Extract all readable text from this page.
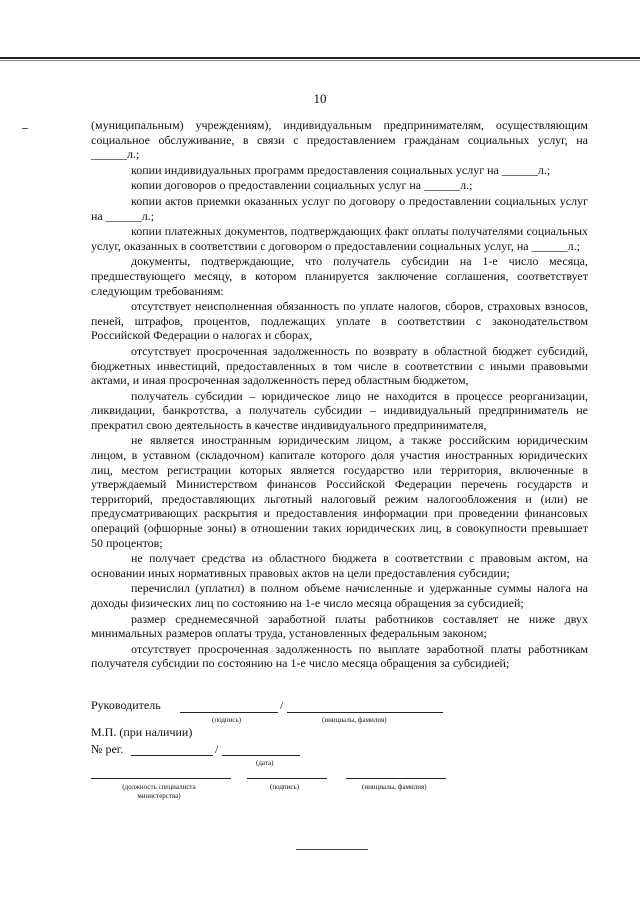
10

(муниципальным) учреждениям), индивидуальным предпринимателям, осуществляющим социальное обслуживание, в связи с предоставлением гражданам социальных услуг, на ______л.;

копии индивидуальных программ предоставления социальных услуг на ______л.;

копии договоров о предоставлении социальных услуг на ______л.;

копии актов приемки оказанных услуг по договору о предоставлении социальных услуг на ______л.;

копии платежных документов, подтверждающих факт оплаты получателями социальных услуг, оказанных в соответствии с договором о предоставлении социальных услуг, на ______л.;

документы, подтверждающие, что получатель субсидии на 1-е число месяца, предшествующего месяцу, в котором планируется заключение соглашения, соответствует следующим требованиям:

отсутствует неисполненная обязанность по уплате налогов, сборов, страховых взносов, пеней, штрафов, процентов, подлежащих уплате в соответствии с законодательством Российской Федерации о налогах и сборах,

отсутствует просроченная задолженность по возврату в областной бюджет субсидий, бюджетных инвестиций, предоставленных в том числе в соответствии с иными правовыми актами, и иная просроченная задолженность перед областным бюджетом,

получатель субсидии – юридическое лицо не находится в процессе реорганизации, ликвидации, банкротства, а получатель субсидии – индивидуальный предприниматель не прекратил свою деятельность в качестве индивидуального предпринимателя,

не является иностранным юридическим лицом, а также российским юридическим лицом, в уставном (складочном) капитале которого доля участия иностранных юридических лиц, местом регистрации которых является государство или территория, включенные в утверждаемый Министерством финансов Российской Федерации перечень государств и территорий, предоставляющих льготный налоговый режим налогообложения и (или) не предусматривающих раскрытия и предоставления информации при проведении финансовых операций (офшорные зоны) в отношении таких юридических лиц, в совокупности превышает 50 процентов;

не получает средства из областного бюджета в соответствии с правовым актом, на основании иных нормативных правовых актов на цели предоставления субсидии;

перечислил (уплатил) в полном объеме начисленные и удержанные суммы налога на доходы физических лиц по состоянию на 1-е число месяца обращения за субсидией;

размер среднемесячной заработной платы работников составляет не ниже двух минимальных размеров оплаты труда, установленных федеральным законом;

отсутствует просроченная задолженность по выплате заработной платы работникам получателя субсидии по состоянию на 1-е число месяца обращения за субсидией;

Руководитель	/
(подпись)	(инициалы, фамилия)
М.П. (при наличии)
№ рег.	/
(дата)
(должность специалиста министерства)
(подпись)	(инициалы, фамилия)
